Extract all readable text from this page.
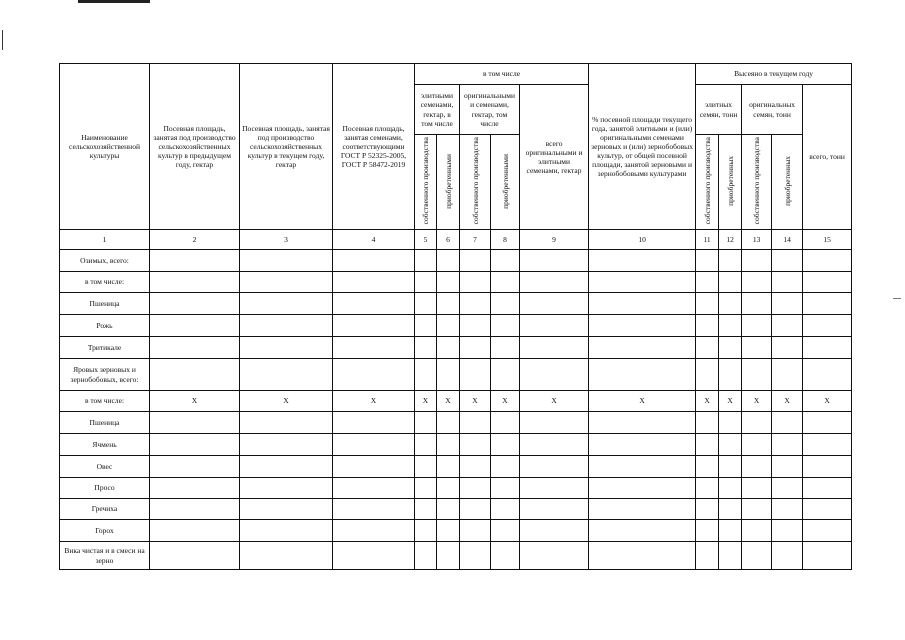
Наименование сельскохозяйственной культуры	Посевная площадь, занятая под производство сельскохозяйственных культур в предыдущем году, гектар	Посевная площадь, занятая под производство сельскохозяйственных культур в текущем году, гектар	Посевная площадь, занятая семенами, соответствующими ГОСТ Р 52325-2005, ГОСТ Р 58472-2019	в том числе					% посевной площади текущего года, занятой элитными и (или) оригинальными семенами зерновых и (или) зернобобовых культур, от общей посевной площади, занятой зерновыми и зернобобовыми культурами	Высеяно в текущем году				
				элитными семенами, гектар, в том числе		оригинальными и семенами, гектар, том числе		всего оригинальными и элитными семенами, гектар		элитных семян, тонн		оригинальных семян, тонн		всего, тонн
				собственного производства	приобретенными	собственного производства	приобретенными			собственного производства	приобретенных	собственного производства	приобретенных	
1	2	3	4	5	6	7	8	9	10	11	12	13	14	15
Озимых, всего:														
в том числе:														
Пшеница														
Рожь														
Тритикале														
Яровых зерновых и зернобобовых, всего:														
в том числе:	X	X	X	X	X	X	X	X	X	X	X	X	X	X
Пшеница														
Ячмень														
Овес														
Просо														
Гречиха														
Горох														
Вика чистая и в смеси на зерно														
